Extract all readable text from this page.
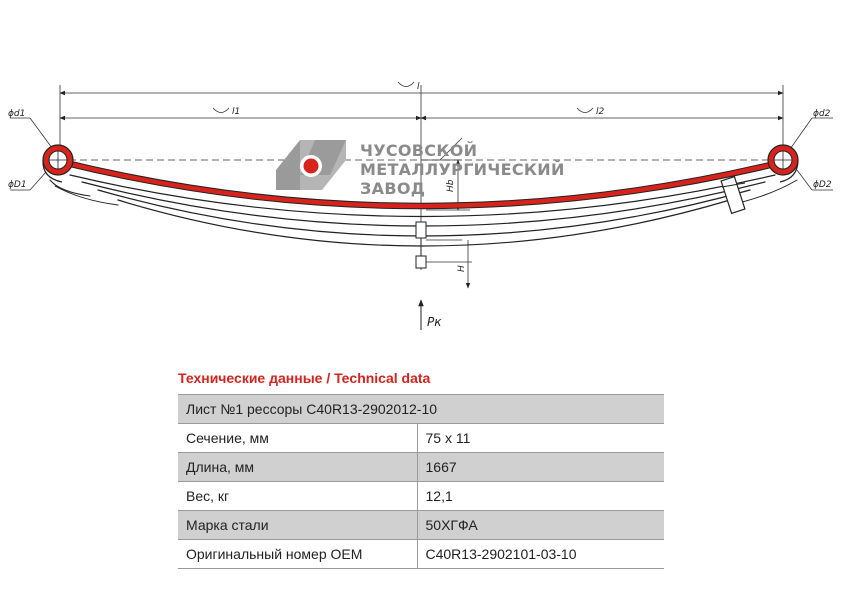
ЧУСОВСКОЙ
МЕТАЛЛУРГИЧЕСКИЙ
ЗАВОД
l
l1	l2
ϕd1
ϕD1
ϕd2
ϕD2
Hb
H
Pк
Технические данные / Technical data
Лист №1 рессоры С40R13-2902012-10	
Сечение, мм	75 х 11
Длина, мм	1667
Вес, кг	12,1
Марка стали	50ХГФА
Оригинальный номер ОЕМ	С40R13-2902101-03-10
